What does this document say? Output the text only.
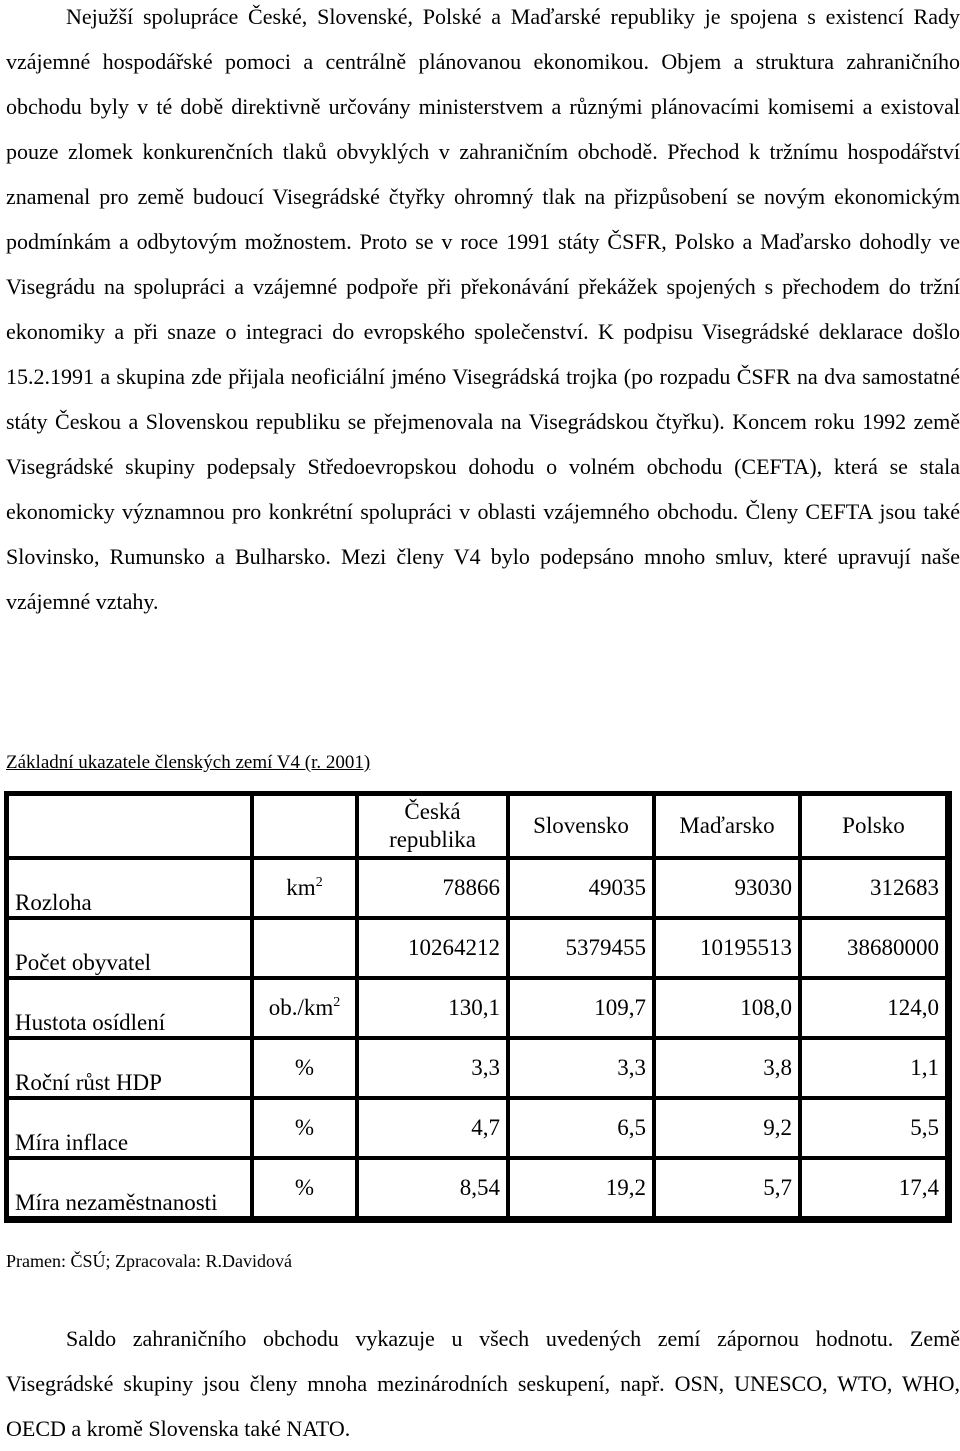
Nejužší spolupráce České, Slovenské, Polské a Maďarské republiky je spojena s existencí Rady vzájemné hospodářské pomoci a centrálně plánovanou ekonomikou. Objem a struktura zahraničního obchodu byly v té době direktivně určovány ministerstvem a různými plánovacími komisemi a existoval pouze zlomek konkurenčních tlaků obvyklých v zahraničním obchodě. Přechod k tržnímu hospodářství znamenal pro země budoucí Visegrádské čtyřky ohromný tlak na přizpůsobení se novým ekonomickým podmínkám a odbytovým možnostem. Proto se v roce 1991 státy ČSFR, Polsko a Maďarsko dohodly ve Visegrádu na spolupráci a vzájemné podpoře při překonávání překážek spojených s přechodem do tržní ekonomiky a při snaze o integraci do evropského společenství. K podpisu Visegrádské deklarace došlo 15.2.1991 a skupina zde přijala neoficiální jméno Visegrádská trojka (po rozpadu ČSFR na dva samostatné státy Českou a Slovenskou republiku se přejmenovala na Visegrádskou čtyřku). Koncem roku 1992 země Visegrádské skupiny podepsaly Středoevropskou dohodu o volném obchodu (CEFTA), která se stala ekonomicky významnou pro konkrétní spolupráci v oblasti vzájemného obchodu. Členy CEFTA jsou také Slovinsko, Rumunsko a Bulharsko. Mezi členy V4 bylo podepsáno mnoho smluv, které upravují naše vzájemné vztahy.

Základní ukazatele členských zemí V4 (r. 2001)

		Česká republika	Slovensko	Maďarsko	Polsko
Rozloha	$km^2$	78866	49035	93030	312683
Počet obyvatel		10264212	5379455	10195513	38680000
Hustota osídlení	$ob./km^2$	130,1	109,7	108,0	124,0
Roční růst HDP	%	3,3	3,3	3,8	1,1
Míra inflace	%	4,7	6,5	9,2	5,5
Míra nezaměstnanosti	%	8,54	19,2	5,7	17,4

Pramen: ČSÚ; Zpracovala: R.Davidová

Saldo zahraničního obchodu vykazuje u všech uvedených zemí zápornou hodnotu. Země Visegrádské skupiny jsou členy mnoha mezinárodních seskupení, např. OSN, UNESCO, WTO, WHO, OECD a kromě Slovenska také NATO.
